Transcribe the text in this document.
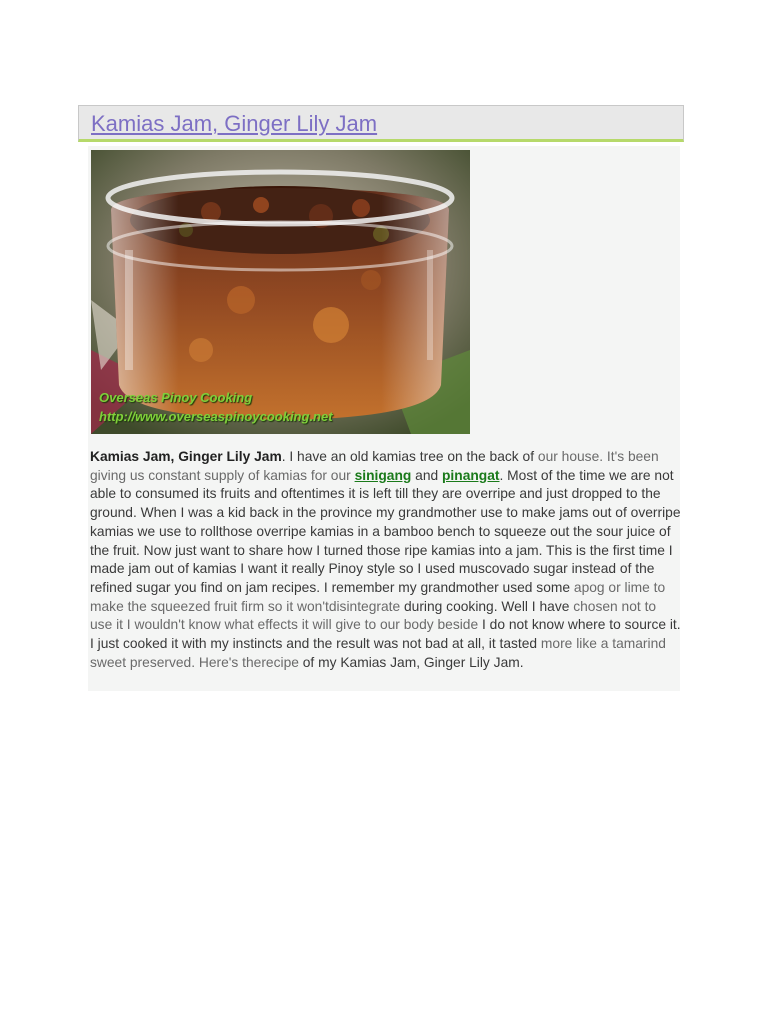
Kamias Jam, Ginger Lily Jam
Overseas Pinoy Cooking
http://www.overseaspinoycooking.net

Kamias Jam, Ginger Lily Jam. I have an old kamias tree on the back of our house. It's been giving us constant supply of kamias for our sinigang and pinangat. Most of the time we are not able to consumed its fruits and oftentimes it is left till they are overripe and just dropped to the ground. When I was a kid back in the province my grandmother use to make jams out of overripe kamias we use to rollthose overripe kamias in a bamboo bench to squeeze out the sour juice of the fruit. Now just want to share how I turned those ripe kamias into a jam. This is the first time I made jam out of kamias I want it really Pinoy style so I used muscovado sugar instead of the refined sugar you find on jam recipes. I remember my grandmother used some apog or lime to make the squeezed fruit firm so it won'tdisintegrate during cooking. Well I have chosen not to use it I wouldn't know what effects it will give to our body beside I do not know where to source it. I just cooked it with my instincts and the result was not bad at all, it tasted more like a tamarind sweet preserved. Here's therecipe of my Kamias Jam, Ginger Lily Jam.
